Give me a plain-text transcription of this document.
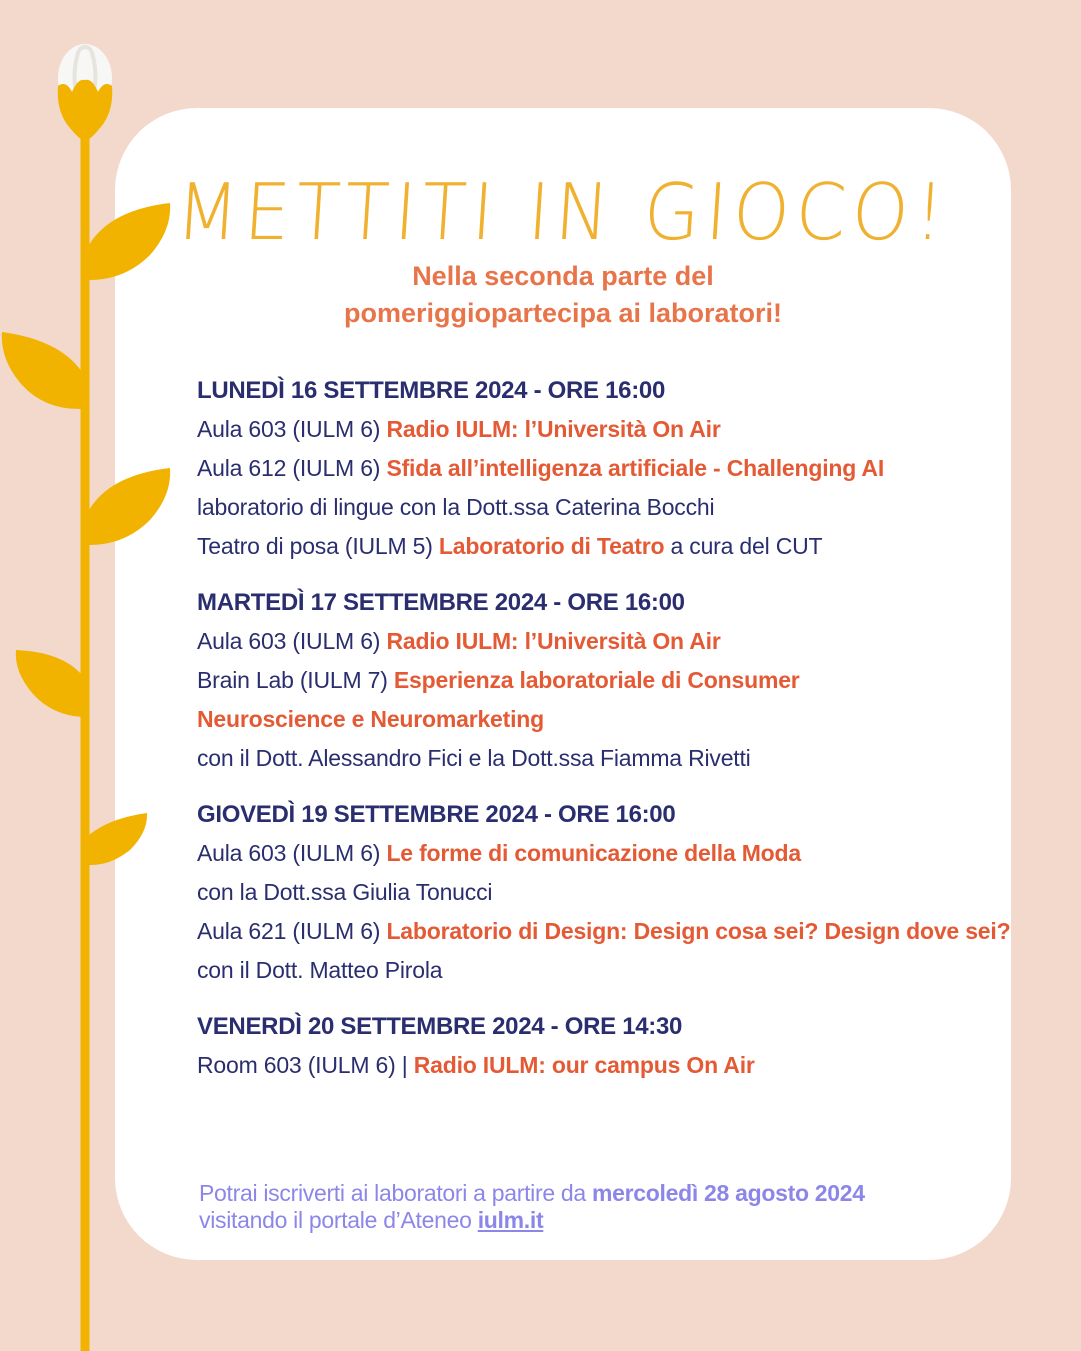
METTITI IN GIOCO!
Nella seconda parte del
pomeriggiopartecipa ai laboratori!
LUNEDÌ 16 SETTEMBRE 2024 - ORE 16:00
Aula 603 (IULM 6) Radio IULM: l’Università On Air
Aula 612 (IULM 6) Sfida all’intelligenza artificiale - Challenging AI
laboratorio di lingue con la Dott.ssa Caterina Bocchi
Teatro di posa (IULM 5) Laboratorio di Teatro a cura del CUT
MARTEDÌ 17 SETTEMBRE 2024 - ORE 16:00
Aula 603 (IULM 6) Radio IULM: l’Università On Air
Brain Lab (IULM 7) Esperienza laboratoriale di Consumer
Neuroscience e Neuromarketing
con il Dott. Alessandro Fici e la Dott.ssa Fiamma Rivetti
GIOVEDÌ 19 SETTEMBRE 2024 - ORE 16:00
Aula 603 (IULM 6) Le forme di comunicazione della Moda
con la Dott.ssa Giulia Tonucci
Aula 621 (IULM 6) Laboratorio di Design: Design cosa sei? Design dove sei?
con il Dott. Matteo Pirola
VENERDÌ 20 SETTEMBRE 2024 - ORE 14:30
Room 603 (IULM 6) | Radio IULM: our campus On Air
Potrai iscriverti ai laboratori a partire da mercoledì 28 agosto 2024
visitando il portale d’Ateneo iulm.it
